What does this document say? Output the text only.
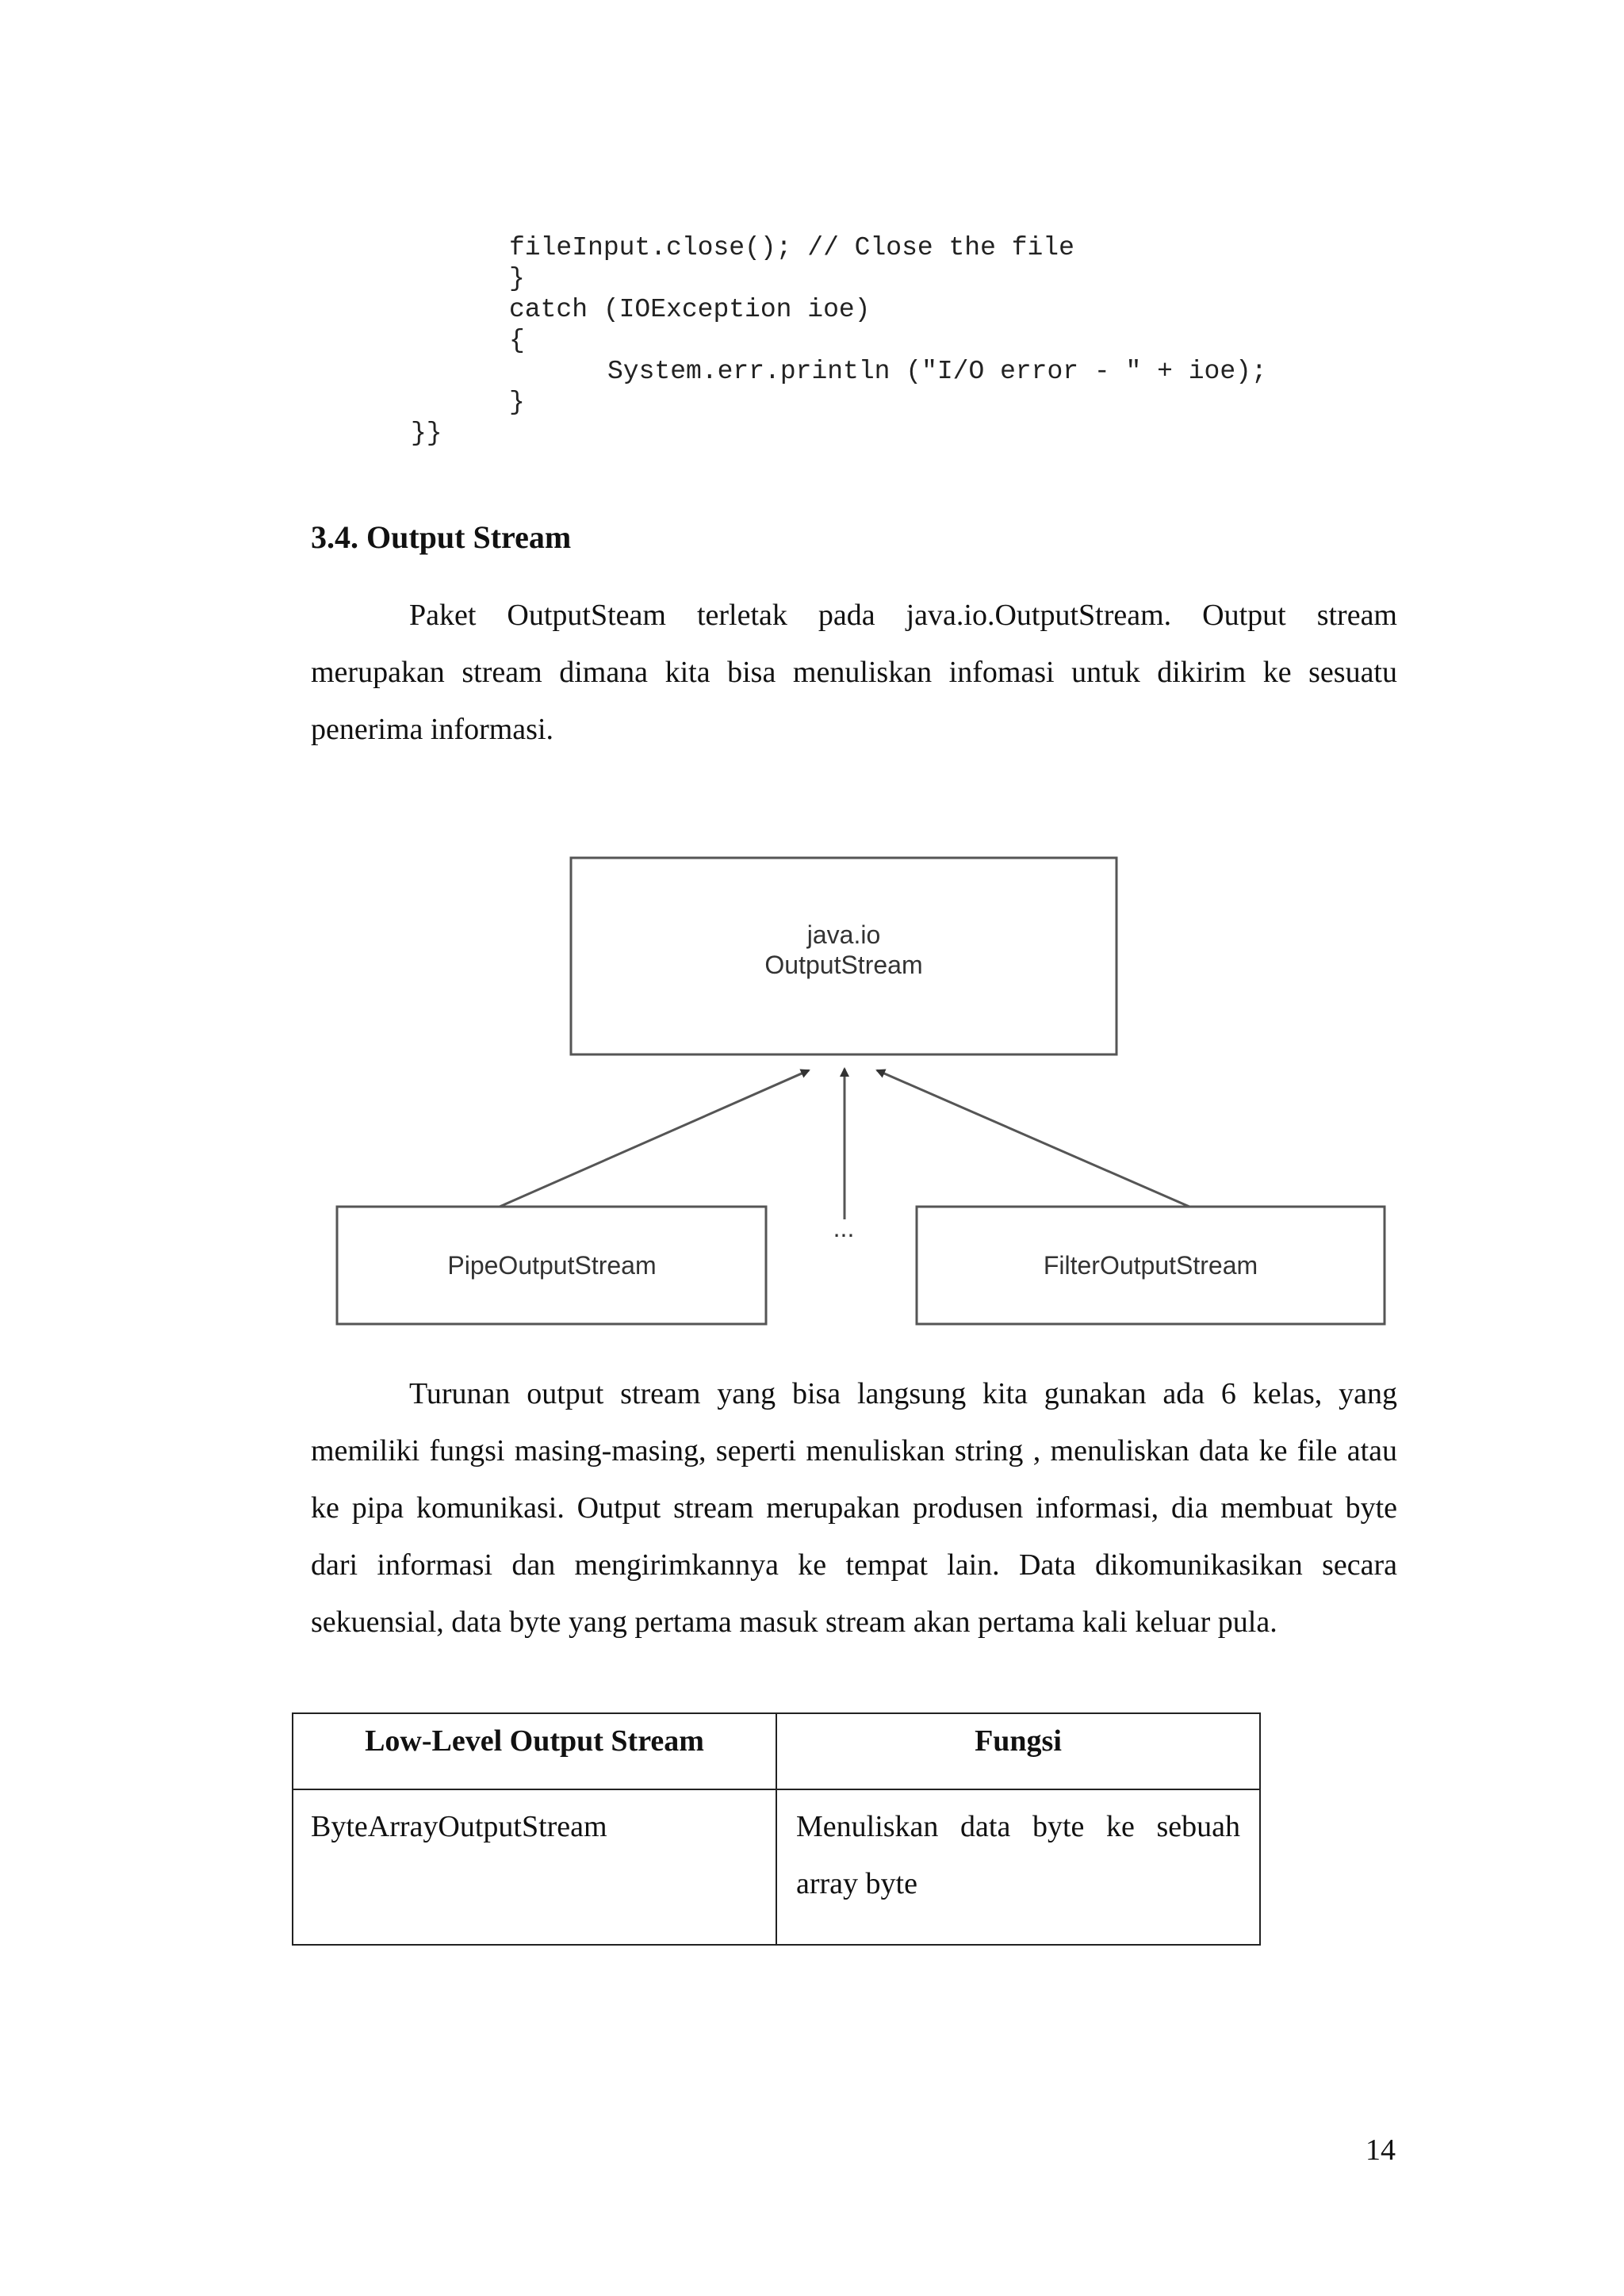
fileInput.close(); // Close the file

}

catch (IOException ioe)

{

System.err.println ("I/O error - " + ioe);

}

}}

3.4. Output Stream

Paket OutputSteam terletak pada java.io.OutputStream. Output stream merupakan stream dimana kita bisa menuliskan infomasi untuk dikirim ke sesuatu penerima informasi.

java.io
OutputStream
PipeOutputStream	FilterOutputStream
...

Turunan output stream yang bisa langsung kita gunakan ada 6 kelas, yang memiliki fungsi masing-masing, seperti menuliskan string , menuliskan data ke file atau ke pipa komunikasi. Output stream merupakan produsen informasi, dia membuat byte dari informasi dan mengirimkannya ke tempat lain. Data dikomunikasikan secara sekuensial, data byte yang pertama masuk stream akan pertama kali keluar pula.

Low-Level Output Stream	Fungsi
ByteArrayOutputStream	Menuliskan data byte ke sebuah array byte
14
